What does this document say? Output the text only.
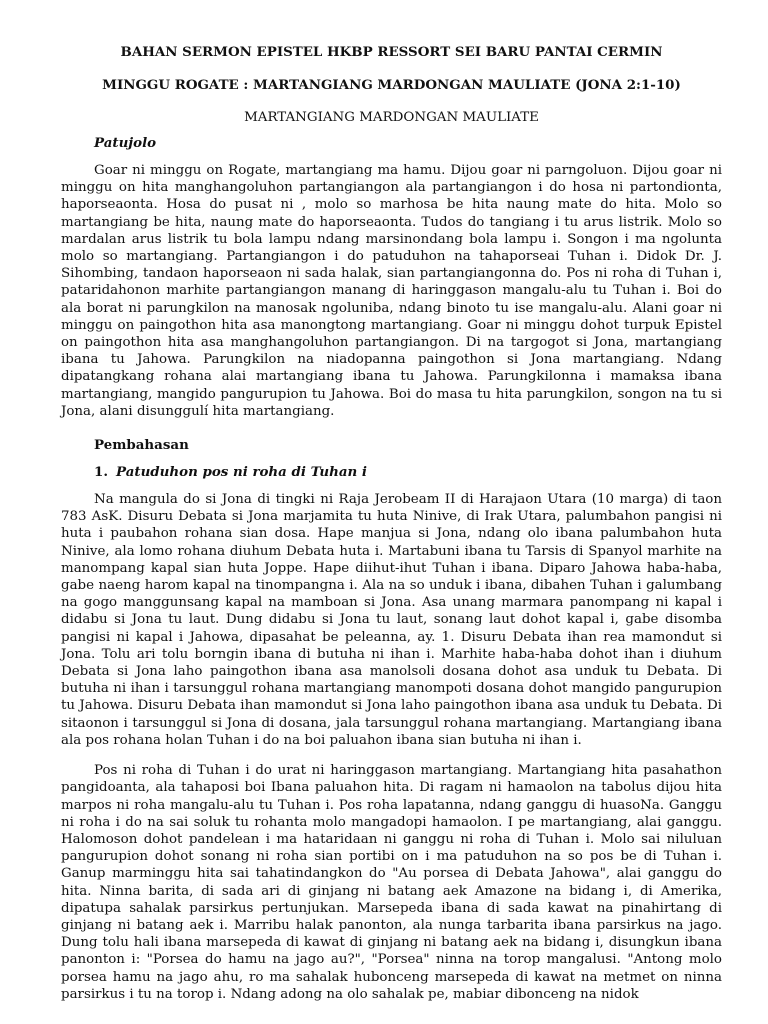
BAHAN SERMON EPISTEL HKBP RESSORT SEI BARU PANTAI CERMIN

MINGGU ROGATE : MARTANGIANG MARDONGAN MAULIATE (JONA 2:1-10)

MARTANGIANG MARDONGAN MAULIATE

Patujolo

Goar ni minggu on Rogate, martangiang ma hamu. Dijou goar ni parngoluon. Dijou goar ni minggu on hita manghangoluhon partangiangon ala partangiangon i do hosa ni partondionta, haporseaonta. Hosa do pusat ni , molo so marhosa be hita naung mate do hita. Molo so martangiang be hita, naung mate do haporseaonta. Tudos do tangiang i tu arus listrik. Molo so mardalan arus listrik tu bola lampu ndang marsinondang bola lampu i. Songon i ma ngolunta molo so martangiang. Partangiangon i do patuduhon na tahaporseai Tuhan i. Didok Dr. J. Sihombing, tandaon haporseaon ni sada halak, sian partangiangonna do. Pos ni roha di Tuhan i, pataridahonon marhite partangiangon manang di haringgason mangalu-alu tu Tuhan i. Boi do ala borat ni parungkilon na manosak ngoluniba, ndang binoto tu ise mangalu-alu. Alani goar ni minggu on paingothon hita asa manongtong martangiang. Goar ni minggu dohot turpuk Epistel on paingothon hita asa manghangoluhon partangiangon. Di na targogot si Jona, martangiang ibana tu Jahowa. Parungkilon na niadopanna paingothon si Jona martangiang. Ndang dipatangkang rohana alai martangiang ibana tu Jahowa. Parungkilonna i mamaksa ibana martangiang, mangido pangurupion tu Jahowa. Boi do masa tu hita parungkilon, songon na tu si Jona, alani disunggulí hita martangiang.

Pembahasan

1. Patuduhon pos ni roha di Tuhan i

Na mangula do si Jona di tingki ni Raja Jerobeam II di Harajaon Utara (10 marga) di taon 783 AsK. Disuru Debata si Jona marjamita tu huta Ninive, di Irak Utara, palumbahon pangisi ni huta i paubahon rohana sian dosa. Hape manjua si Jona, ndang olo ibana palumbahon huta Ninive, ala lomo rohana diuhum Debata huta i. Martabuni ibana tu Tarsis di Spanyol marhite na manompang kapal sian huta Joppe. Hape diihut-ihut Tuhan i ibana. Diparo Jahowa haba-haba, gabe naeng harom kapal na tinompangna i. Ala na so unduk i ibana, dibahen Tuhan i galumbang na gogo manggunsang kapal na mamboan si Jona. Asa unang marmara panompang ni kapal i didabu si Jona tu laut. Dung didabu si Jona tu laut, sonang laut dohot kapal i, gabe disomba pangisi ni kapal i Jahowa, dipasahat be peleanna, ay. 1. Disuru Debata ihan rea mamondut si Jona. Tolu ari tolu borngin ibana di butuha ni ihan i. Marhite haba-haba dohot ihan i diuhum Debata si Jona laho paingothon ibana asa manolsoli dosana dohot asa unduk tu Debata. Di butuha ni ihan i tarsunggul rohana martangiang manompoti dosana dohot mangido pangurupion tu Jahowa. Disuru Debata ihan mamondut si Jona laho paingothon ibana asa unduk tu Debata. Di sitaonon i tarsunggul si Jona di dosana, jala tarsunggul rohana martangiang. Martangiang ibana ala pos rohana holan Tuhan i do na boi paluahon ibana sian butuha ni ihan i.

Pos ni roha di Tuhan i do urat ni haringgason martangiang. Martangiang hita pasahathon pangidoanta, ala tahaposi boi Ibana paluahon hita. Di ragam ni hamaolon na tabolus dijou hita marpos ni roha mangalu-alu tu Tuhan i. Pos roha lapatanna, ndang ganggu di huasoNa. Ganggu ni roha i do na sai soluk tu rohanta molo mangadopi hamaolon. I pe martangiang, alai ganggu. Halomoson dohot pandelean i ma hataridaan ni ganggu ni roha di Tuhan i. Molo sai niluluan pangurupion dohot sonang ni roha sian portibi on i ma patuduhon na so pos be di Tuhan i. Ganup marminggu hita sai tahatindangkon do "Au porsea di Debata Jahowa", alai ganggu do hita. Ninna barita, di sada ari di ginjang ni batang aek Amazone na bidang i, di Amerika, dipatupa sahalak parsirkus pertunjukan. Marsepeda ibana di sada kawat na pinahirtang di ginjang ni batang aek i. Marribu halak panonton, ala nunga tarbarita ibana parsirkus na jago. Dung tolu hali ibana marsepeda di kawat di ginjang ni batang aek na bidang i, disungkun ibana panonton i: "Porsea do hamu na jago au?", "Porsea" ninna na torop mangalusi. "Antong molo porsea hamu na jago ahu, ro ma sahalak huboncеng marsepeda di kawat na metmet on ninna parsirkus i tu na torop i. Ndang adong na olo sahalak pe, mabiar dibonceng na nidok
